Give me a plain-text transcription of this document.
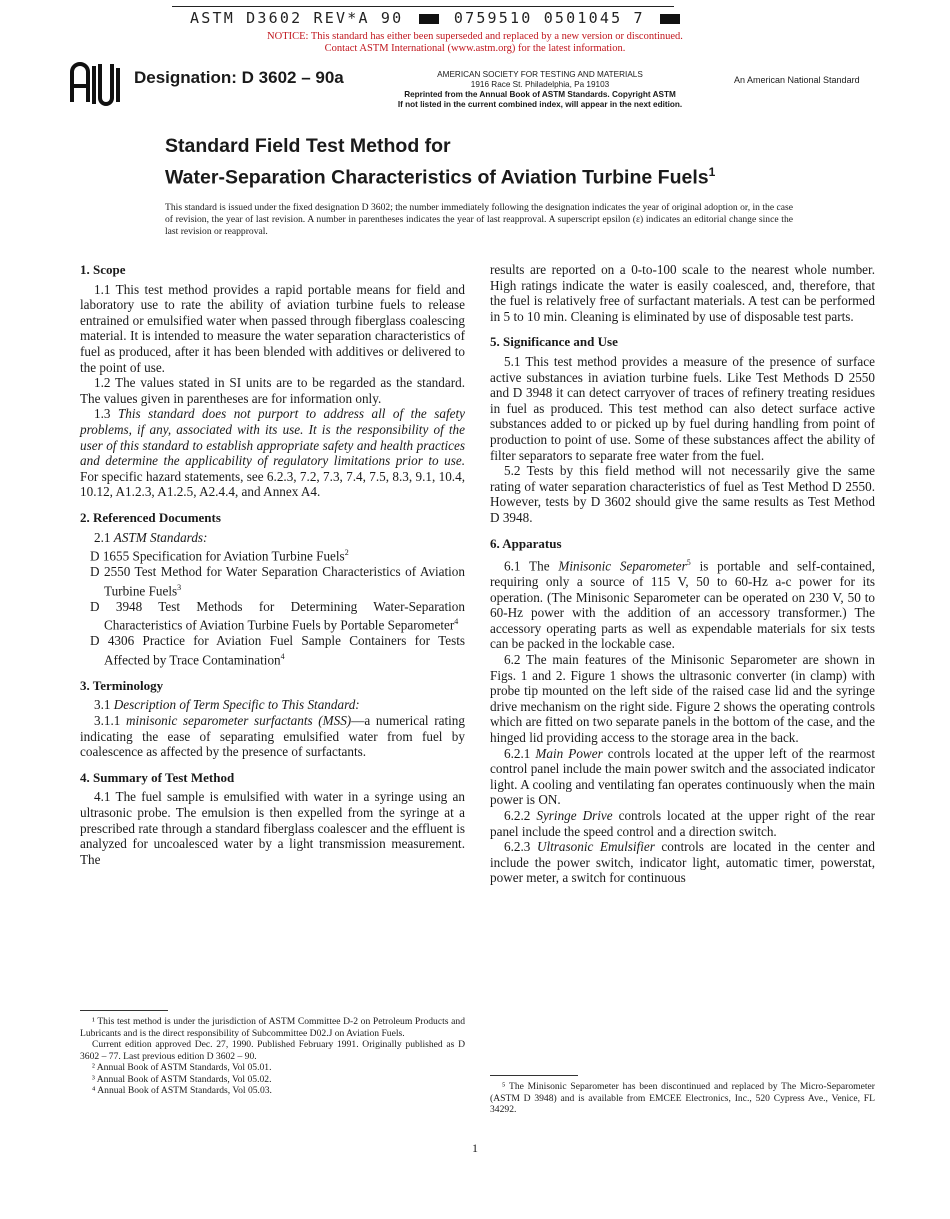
ASTM D3602 REV*A 90	0759510 0501045 7
NOTICE: This standard has either been superseded and replaced by a new version or discontinued.
Contact ASTM International (www.astm.org) for the latest information.
Designation: D 3602 – 90a	AMERICAN SOCIETY FOR TESTING AND MATERIALS
1916 Race St. Philadelphia, Pa 19103
Reprinted from the Annual Book of ASTM Standards. Copyright ASTM
If not listed in the current combined index, will appear in the next edition.
An American National Standard
Standard Field Test Method for
Water-Separation Characteristics of Aviation Turbine Fuels$^1$
This standard is issued under the fixed designation D 3602; the number immediately following the designation indicates the year of original adoption or, in the case of revision, the year of last revision. A number in parentheses indicates the year of last reapproval. A superscript epsilon (ε) indicates an editorial change since the last revision or reapproval.
1. Scope

1.1 This test method provides a rapid portable means for field and laboratory use to rate the ability of aviation turbine fuels to release entrained or emulsified water when passed through fiberglass coalescing material. It is intended to measure the water separation characteristics of fuel as produced, after it has been blended with additives or delivered to the point of use.

1.2 The values stated in SI units are to be regarded as the standard. The values given in parentheses are for information only.

1.3 This standard does not purport to address all of the safety problems, if any, associated with its use. It is the responsibility of the user of this standard to establish appropriate safety and health practices and determine the applicability of regulatory limitations prior to use. For specific hazard statements, see 6.2.3, 7.2, 7.3, 7.4, 7.5, 8.3, 9.1, 10.4, 10.12, A1.2.3, A1.2.5, A2.4.4, and Annex A4.

2. Referenced Documents

2.1 ASTM Standards:

D 1655 Specification for Aviation Turbine Fuels$^2$

D 2550 Test Method for Water Separation Characteristics of Aviation Turbine Fuels$^3$

D 3948 Test Methods for Determining Water-Separation Characteristics of Aviation Turbine Fuels by Portable Separometer$^4$

D 4306 Practice for Aviation Fuel Sample Containers for Tests Affected by Trace Contamination$^4$

3. Terminology

3.1 Description of Term Specific to This Standard:

3.1.1 minisonic separometer surfactants (MSS)—a numerical rating indicating the ease of separating emulsified water from fuel by coalescence as affected by the presence of surfactants.

4. Summary of Test Method

4.1 The fuel sample is emulsified with water in a syringe using an ultrasonic probe. The emulsion is then expelled from the syringe at a prescribed rate through a standard fiberglass coalescer and the effluent is analyzed for uncoalesced water by a light transmission measurement. The

results are reported on a 0-to-100 scale to the nearest whole number. High ratings indicate the water is easily coalesced, and, therefore, that the fuel is relatively free of surfactant materials. A test can be performed in 5 to 10 min. Cleaning is eliminated by use of disposable test parts.

5. Significance and Use

5.1 This test method provides a measure of the presence of surface active substances in aviation turbine fuels. Like Test Methods D 2550 and D 3948 it can detect carryover of traces of refinery treating residues in fuel as produced. This test method can also detect surface active substances added to or picked up by fuel during handling from point of production to point of use. Some of these substances affect the ability of filter separators to separate free water from the fuel.

5.2 Tests by this field method will not necessarily give the same rating of water separation characteristics of fuel as Test Method D 2550. However, tests by D 3602 should give the same results as Test Method D 3948.

6. Apparatus

6.1 The Minisonic Separometer$^5$ is portable and self-contained, requiring only a source of 115 V, 50 to 60-Hz a-c power for its operation. (The Minisonic Separometer can be operated on 230 V, 50 to 60-Hz power with the addition of an accessory transformer.) The accessory operating parts as well as expendable materials for six tests can be packed in the lockable case.

6.2 The main features of the Minisonic Separometer are shown in Figs. 1 and 2. Figure 1 shows the ultrasonic converter (in clamp) with probe tip mounted on the left side of the raised case lid and the syringe drive mechanism on the right side. Figure 2 shows the operating controls which are fitted on two separate panels in the bottom of the case, and the hinged lid providing access to the storage area in the back.

6.2.1 Main Power controls located at the upper left of the rearmost control panel include the main power switch and the associated indicator light. A cooling and ventilating fan operates continuously when the main power is ON.

6.2.2 Syringe Drive controls located at the upper right of the rear panel include the speed control and a direction switch.

6.2.3 Ultrasonic Emulsifier controls are located in the center and include the power switch, indicator light, automatic timer, powerstat, power meter, a switch for continuous

¹ This test method is under the jurisdiction of ASTM Committee D-2 on Petroleum Products and Lubricants and is the direct responsibility of Subcommittee D02.J on Aviation Fuels.

Current edition approved Dec. 27, 1990. Published February 1991. Originally published as D 3602 – 77. Last previous edition D 3602 – 90.

² Annual Book of ASTM Standards, Vol 05.01.

³ Annual Book of ASTM Standards, Vol 05.02.

⁴ Annual Book of ASTM Standards, Vol 05.03.	⁵ The Minisonic Separometer has been discontinued and replaced by The Micro-Separometer (ASTM D 3948) and is available from EMCEE Electronics, Inc., 520 Cypress Ave., Venice, FL 34292.

1
